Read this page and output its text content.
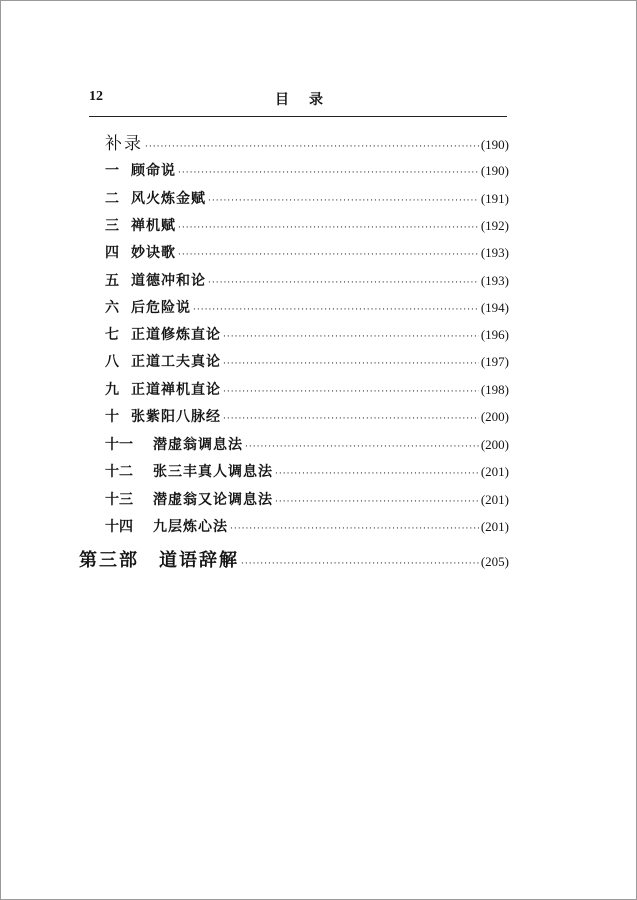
12	目录
补录 ·····	(190)
一 顾命说 ·····	(190)
二 风火炼金赋 ·····	(191)
三 禅机赋 ·····	(192)
四 妙诀歌 ·····	(193)
五 道德冲和论 ·····	(193)
六 后危险说 ·····	(194)
七 正道修炼直论 ·····	(196)
八 正道工夫真论 ·····	(197)
九 正道禅机直论 ·····	(198)
十 张紫阳八脉经 ·····	(200)
十一	潜虚翁调息法 ·····	(200)
十二	张三丰真人调息法 ·····	(201)
十三	潜虚翁又论调息法 ·····	(201)
十四	九层炼心法 ·····	(201)
第三部 道语辞解 ·····	(205)
